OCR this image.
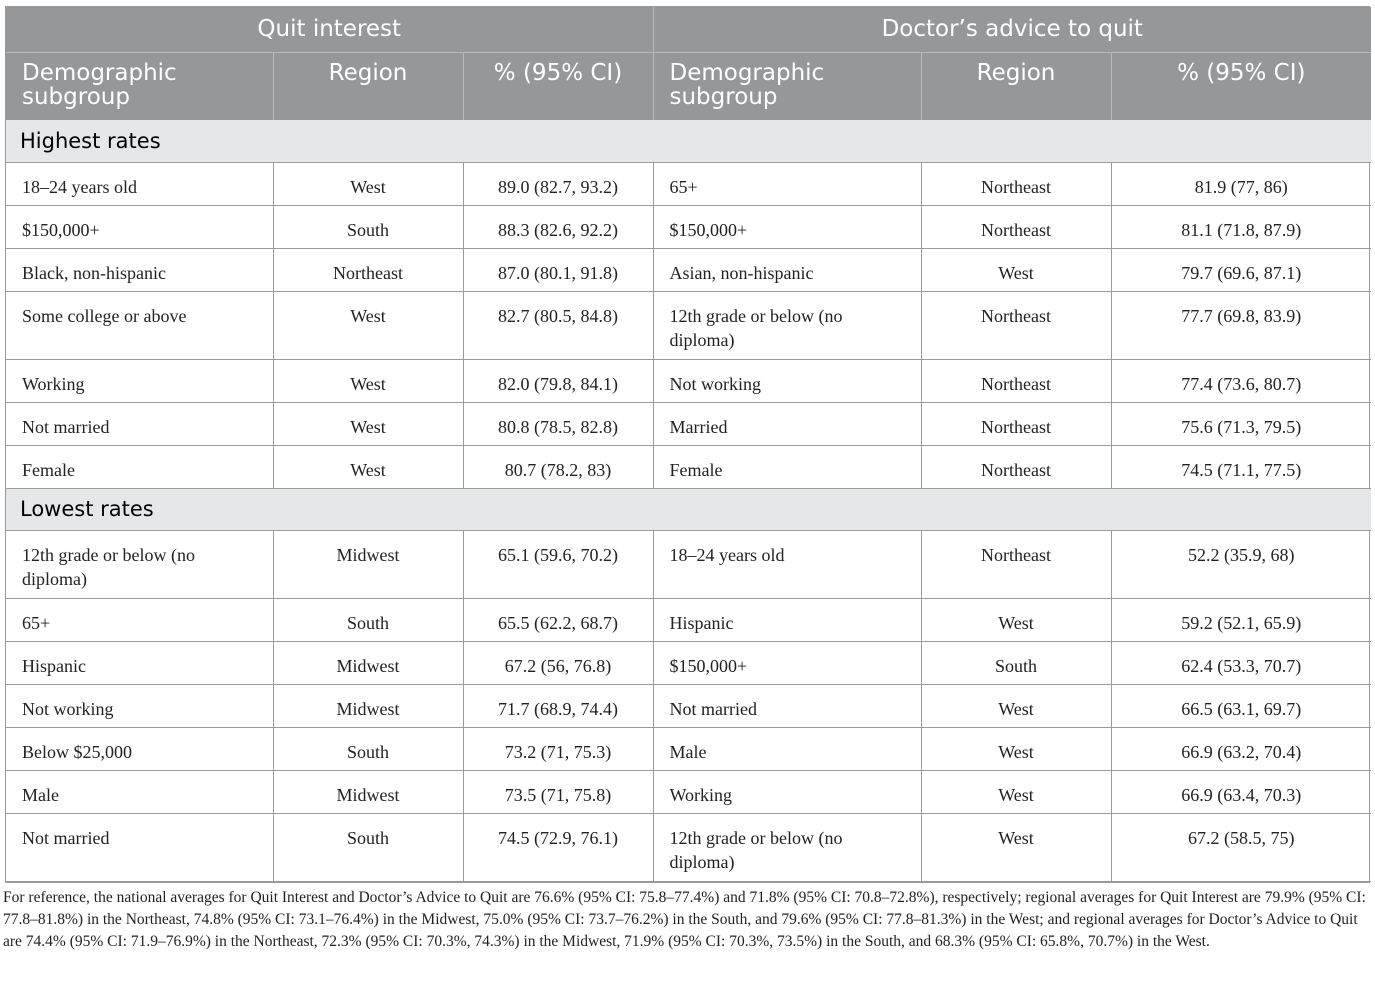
Quit interest			Doctor’s advice to quit		
Demographic subgroup	Region	% (95% CI)	Demographic subgroup	Region	% (95% CI)
Highest rates					
18–24 years old	West	89.0 (82.7, 93.2)	65+	Northeast	81.9 (77, 86)
$150,000+	South	88.3 (82.6, 92.2)	$150,000+	Northeast	81.1 (71.8, 87.9)
Black, non-hispanic	Northeast	87.0 (80.1, 91.8)	Asian, non-hispanic	West	79.7 (69.6, 87.1)
Some college or above	West	82.7 (80.5, 84.8)	12th grade or below (no diploma)	Northeast	77.7 (69.8, 83.9)
Working	West	82.0 (79.8, 84.1)	Not working	Northeast	77.4 (73.6, 80.7)
Not married	West	80.8 (78.5, 82.8)	Married	Northeast	75.6 (71.3, 79.5)
Female	West	80.7 (78.2, 83)	Female	Northeast	74.5 (71.1, 77.5)
Lowest rates					
12th grade or below (no diploma)	Midwest	65.1 (59.6, 70.2)	18–24 years old	Northeast	52.2 (35.9, 68)
65+	South	65.5 (62.2, 68.7)	Hispanic	West	59.2 (52.1, 65.9)
Hispanic	Midwest	67.2 (56, 76.8)	$150,000+	South	62.4 (53.3, 70.7)
Not working	Midwest	71.7 (68.9, 74.4)	Not married	West	66.5 (63.1, 69.7)
Below $25,000	South	73.2 (71, 75.3)	Male	West	66.9 (63.2, 70.4)
Male	Midwest	73.5 (71, 75.8)	Working	West	66.9 (63.4, 70.3)
Not married	South	74.5 (72.9, 76.1)	12th grade or below (no diploma)	West	67.2 (58.5, 75)
For reference, the national averages for Quit Interest and Doctor’s Advice to Quit are 76.6% (95% CI: 75.8–77.4%) and 71.8% (95% CI: 70.8–72.8%), respectively; regional averages for Quit Interest are 79.9% (95% CI: 77.8–81.8%) in the Northeast, 74.8% (95% CI: 73.1–76.4%) in the Midwest, 75.0% (95% CI: 73.7–76.2%) in the South, and 79.6% (95% CI: 77.8–81.3%) in the West; and regional averages for Doctor’s Advice to Quit are 74.4% (95% CI: 71.9–76.9%) in the Northeast, 72.3% (95% CI: 70.3%, 74.3%) in the Midwest, 71.9% (95% CI: 70.3%, 73.5%) in the South, and 68.3% (95% CI: 65.8%, 70.7%) in the West.
